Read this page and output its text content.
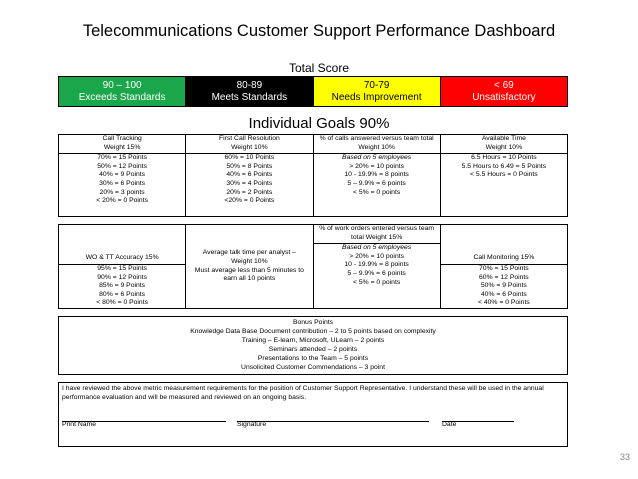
Telecommunications Customer Support Performance Dashboard
Total Score
90 – 100
Exceeds Standards
80-89
Meets Standards
70-79
Needs Improvement
< 69
Unsatisfactory
Individual Goals 90%
Call Tracking
Weight 15%
70% = 15 Points
50% = 12 Points
40% = 9 Points
30% = 6 Points
20% = 3 points
< 20% = 0 Points

First Call Resolution
Weight 10%
60% = 10 Points
50% = 8 Points
40% = 6 Points
30% = 4 Points
20% = 2 Points
<20% = 0 Points

% of calls answered versus team total
Weight 10%
Based on 5 employees
> 20% = 10 points
10 - 19.9% = 8 points
5 – 9.9% = 6 points
< 5% = 0 points

Available Time
Weight 10%
6.5 Hours = 10 Points
5.5 Hours to 6.49 = 5 Points
< 5.5 Hours = 0 Points
WO & TT Accuracy 15%
95% = 15 Points
90% = 12 Points
85% = 9 Points
80% = 6 Points
< 80% = 0 Points

Average talk time per analyst –
Weight 10%
Must average less than 5 minutes to
earn all 10 points

% of work orders entered versus team
total Weight 15%
Based on 5 employees
> 20% = 10 points
10 - 19.9% = 8 points
5 – 9.9% = 6 points
< 5% = 0 points

Call Monitoring 15%
70% = 15 Points
60% = 12 Points
50% = 9 Points
40% = 6 Points
< 40% = 0 Points
Bonus Points
Knowledge Data Base Document contribution – 2 to 5 points based on complexity
Training – E-learn, Microsoft, ULearn – 2 points
Seminars attended – 2 points
Presentations to the Team – 5 points
Unsolicited Customer Commendations – 3 point
I have reviewed the above metric measurement requirements for the position of Customer Support Representative. I understand these will be used in the annual performance evaluation and will be measured and reviewed on an ongoing basis.
Print Name	Signature	Date
33
